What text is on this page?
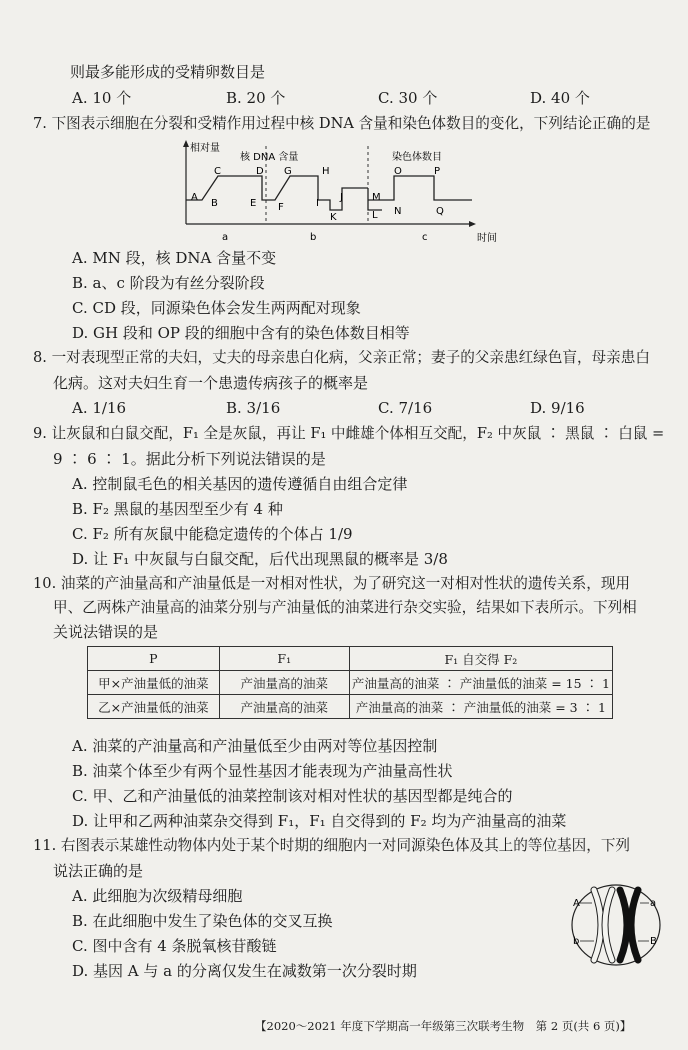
则最多能形成的受精卵数目是
A. 10 个	B. 20 个	C. 30 个	D. 40 个
7. 下图表示细胞在分裂和受精作用过程中核 DNA 含量和染色体数目的变化，下列结论正确的是
相对量
时间
核 DNA 含量	染色体数目
A
B
C	D
E F
G	H
I
J
K	L
M
N
O	P
Q
a	b	c
A. MN 段，核 DNA 含量不变
B. a、c 阶段为有丝分裂阶段
C. CD 段，同源染色体会发生两两配对现象
D. GH 段和 OP 段的细胞中含有的染色体数目相等
8. 一对表现型正常的夫妇，丈夫的母亲患白化病，父亲正常；妻子的父亲患红绿色盲，母亲患白
化病。这对夫妇生育一个患遗传病孩子的概率是
A. 1/16	B. 3/16	C. 7/16	D. 9/16
9. 让灰鼠和白鼠交配，F₁ 全是灰鼠，再让 F₁ 中雌雄个体相互交配，F₂ 中灰鼠 ∶ 黑鼠 ∶ 白鼠 =
9 ∶ 6 ∶ 1。据此分析下列说法错误的是
A. 控制鼠毛色的相关基因的遗传遵循自由组合定律
B. F₂ 黑鼠的基因型至少有 4 种
C. F₂ 所有灰鼠中能稳定遗传的个体占 1/9
D. 让 F₁ 中灰鼠与白鼠交配，后代出现黑鼠的概率是 3/8
10. 油菜的产油量高和产油量低是一对相对性状，为了研究这一对相对性状的遗传关系，现用
甲、乙两株产油量高的油菜分别与产油量低的油菜进行杂交实验，结果如下表所示。下列相
关说法错误的是
P	F₁	F₁ 自交得 F₂
甲×产油量低的油菜	产油量高的油菜	产油量高的油菜 ∶ 产油量低的油菜 = 15 ∶ 1
乙×产油量低的油菜	产油量高的油菜	产油量高的油菜 ∶ 产油量低的油菜 = 3 ∶ 1
A. 油菜的产油量高和产油量低至少由两对等位基因控制
B. 油菜个体至少有两个显性基因才能表现为产油量高性状
C. 甲、乙和产油量低的油菜控制该对相对性状的基因型都是纯合的
D. 让甲和乙两种油菜杂交得到 F₁，F₁ 自交得到的 F₂ 均为产油量高的油菜
11. 右图表示某雄性动物体内处于某个时期的细胞内一对同源染色体及其上的等位基因，下列
说法正确的是
A. 此细胞为次级精母细胞
B. 在此细胞中发生了染色体的交叉互换
C. 图中含有 4 条脱氧核苷酸链
D. 基因 A 与 a 的分离仅发生在减数第一次分裂时期
A	a
b	B
【2020～2021 年度下学期高一年级第三次联考生物　第 2 页(共 6 页)】
